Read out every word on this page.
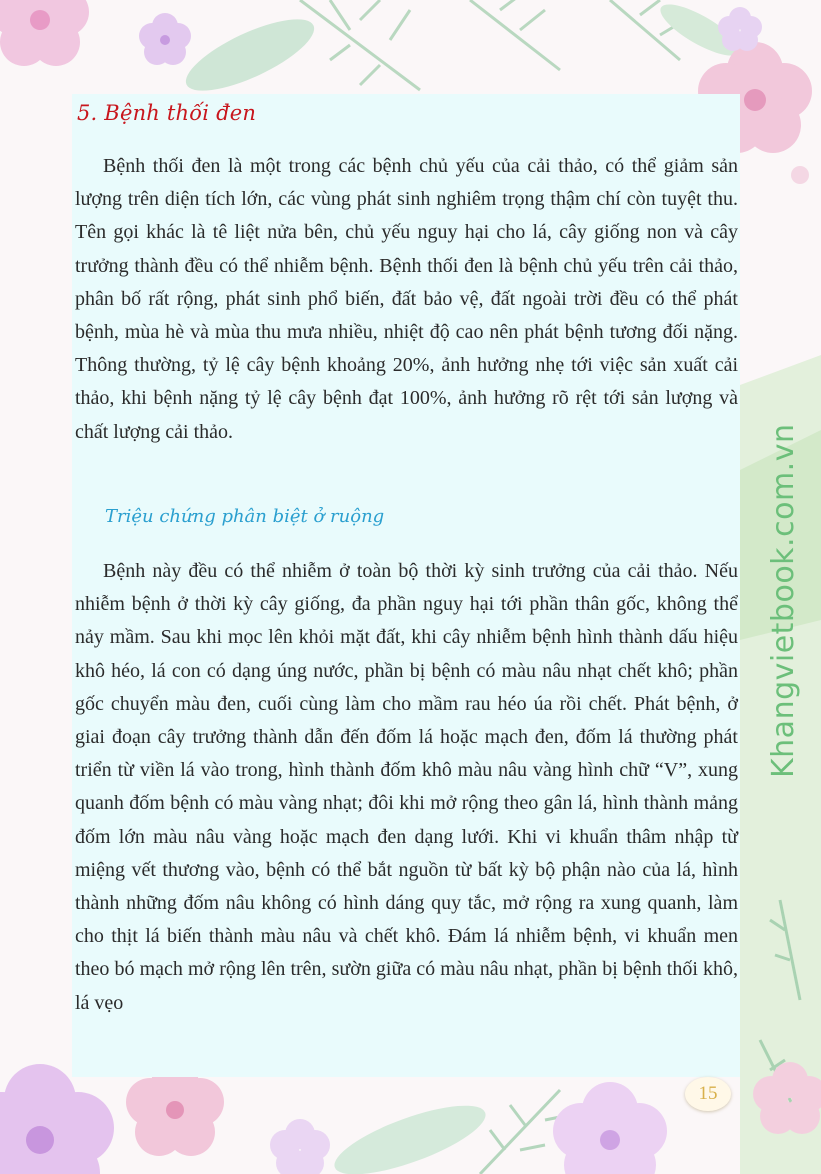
5. Bệnh thối đen

Bệnh thối đen là một trong các bệnh chủ yếu của cải thảo, có thể giảm sản lượng trên diện tích lớn, các vùng phát sinh nghiêm trọng thậm chí còn tuyệt thu. Tên gọi khác là tê liệt nửa bên, chủ yếu nguy hại cho lá, cây giống non và cây trưởng thành đều có thể nhiễm bệnh. Bệnh thối đen là bệnh chủ yếu trên cải thảo, phân bố rất rộng, phát sinh phổ biến, đất bảo vệ, đất ngoài trời đều có thể phát bệnh, mùa hè và mùa thu mưa nhiều, nhiệt độ cao nên phát bệnh tương đối nặng. Thông thường, tỷ lệ cây bệnh khoảng 20%, ảnh hưởng nhẹ tới việc sản xuất cải thảo, khi bệnh nặng tỷ lệ cây bệnh đạt 100%, ảnh hưởng rõ rệt tới sản lượng và chất lượng cải thảo.

Triệu chứng phân biệt ở ruộng

Bệnh này đều có thể nhiễm ở toàn bộ thời kỳ sinh trưởng của cải thảo. Nếu nhiễm bệnh ở thời kỳ cây giống, đa phần nguy hại tới phần thân gốc, không thể nảy mầm. Sau khi mọc lên khỏi mặt đất, khi cây nhiễm bệnh hình thành dấu hiệu khô héo, lá con có dạng úng nước, phần bị bệnh có màu nâu nhạt chết khô; phần gốc chuyển màu đen, cuối cùng làm cho mầm rau héo úa rồi chết. Phát bệnh, ở giai đoạn cây trưởng thành dẫn đến đốm lá hoặc mạch đen, đốm lá thường phát triển từ viền lá vào trong, hình thành đốm khô màu nâu vàng hình chữ “V”, xung quanh đốm bệnh có màu vàng nhạt; đôi khi mở rộng theo gân lá, hình thành mảng đốm lớn màu nâu vàng hoặc mạch đen dạng lưới. Khi vi khuẩn thâm nhập từ miệng vết thương vào, bệnh có thể bắt nguồn từ bất kỳ bộ phận nào của lá, hình thành những đốm nâu không có hình dáng quy tắc, mở rộng ra xung quanh, làm cho thịt lá biến thành màu nâu và chết khô. Đám lá nhiễm bệnh, vi khuẩn men theo bó mạch mở rộng lên trên, sườn giữa có màu nâu nhạt, phần bị bệnh thối khô, lá vẹo

Khangvietbook.com.vn
15
